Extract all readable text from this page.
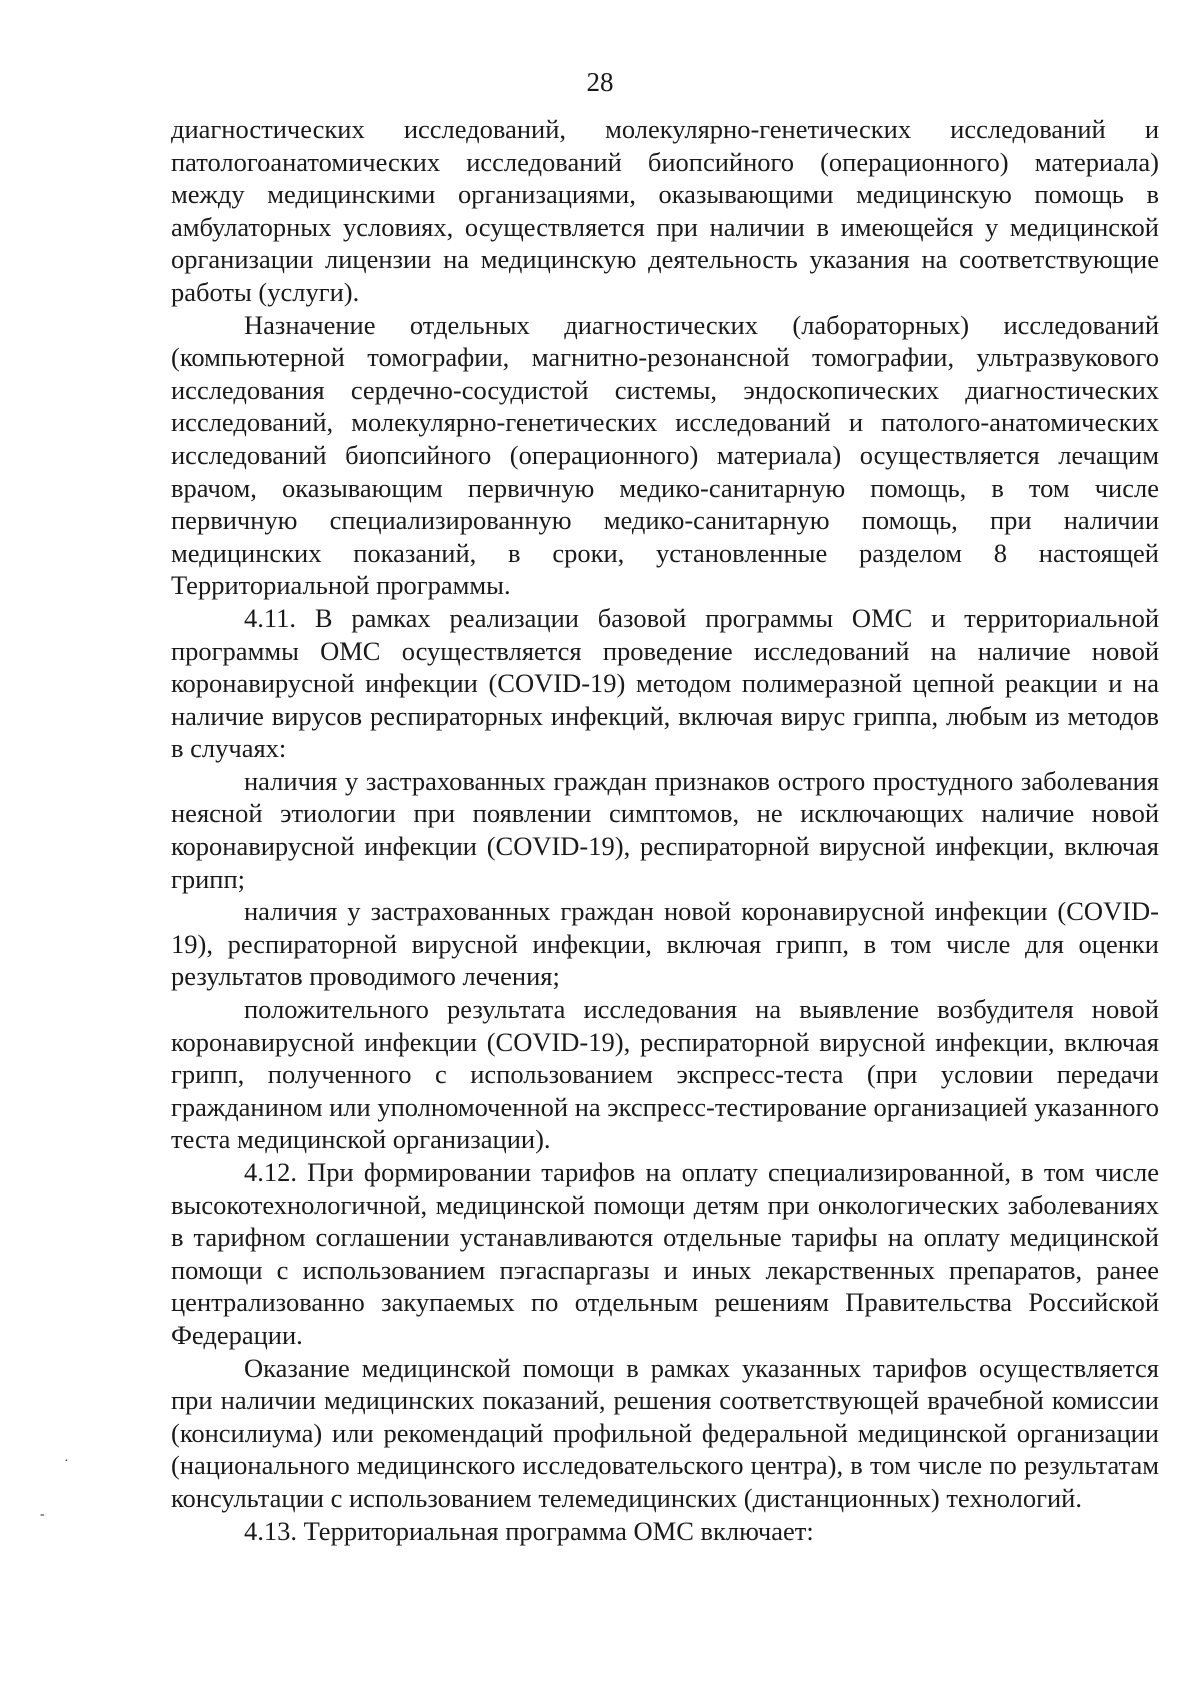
28

диагностических исследований, молекулярно-генетических исследований и патологоанатомических исследований биопсийного (операционного) материала) между медицинскими организациями, оказывающими медицинскую помощь в амбулаторных условиях, осуществляется при наличии в имеющейся у медицинской организации лицензии на медицинскую деятельность указания на соответствующие работы (услуги).

Назначение отдельных диагностических (лабораторных) исследований (компьютерной томографии, магнитно-резонансной томографии, ультразвукового исследования сердечно-сосудистой системы, эндоскопических диагностических исследований, молекулярно-генетических исследований и патолого-анатомических исследований биопсийного (операционного) материала) осуществляется лечащим врачом, оказывающим первичную медико-санитарную помощь, в том числе первичную специализированную медико-санитарную помощь, при наличии медицинских показаний, в сроки, установленные разделом 8 настоящей Территориальной программы.

4.11. В рамках реализации базовой программы ОМС и территориальной программы ОМС осуществляется проведение исследований на наличие новой коронавирусной инфекции (COVID-19) методом полимеразной цепной реакции и на наличие вирусов респираторных инфекций, включая вирус гриппа, любым из методов в случаях:

наличия у застрахованных граждан признаков острого простудного заболевания неясной этиологии при появлении симптомов, не исключающих наличие новой коронавирусной инфекции (COVID-19), респираторной вирусной инфекции, включая грипп;

наличия у застрахованных граждан новой коронавирусной инфекции (COVID-19), респираторной вирусной инфекции, включая грипп, в том числе для оценки результатов проводимого лечения;

положительного результата исследования на выявление возбудителя новой коронавирусной инфекции (COVID-19), респираторной вирусной инфекции, включая грипп, полученного с использованием экспресс-теста (при условии передачи гражданином или уполномоченной на экспресс-тестирование организацией указанного теста медицинской организации).

4.12. При формировании тарифов на оплату специализированной, в том числе высокотехнологичной, медицинской помощи детям при онкологических заболеваниях в тарифном соглашении устанавливаются отдельные тарифы на оплату медицинской помощи с использованием пэгаспаргазы и иных лекарственных препаратов, ранее централизованно закупаемых по отдельным решениям Правительства Российской Федерации.

Оказание медицинской помощи в рамках указанных тарифов осуществляется при наличии медицинских показаний, решения соответствующей врачебной комиссии (консилиума) или рекомендаций профильной федеральной медицинской организации (национального медицинского исследовательского центра), в том числе по результатам консультации с использованием телемедицинских (дистанционных) технологий.

4.13. Территориальная программа ОМС включает:

·
-
